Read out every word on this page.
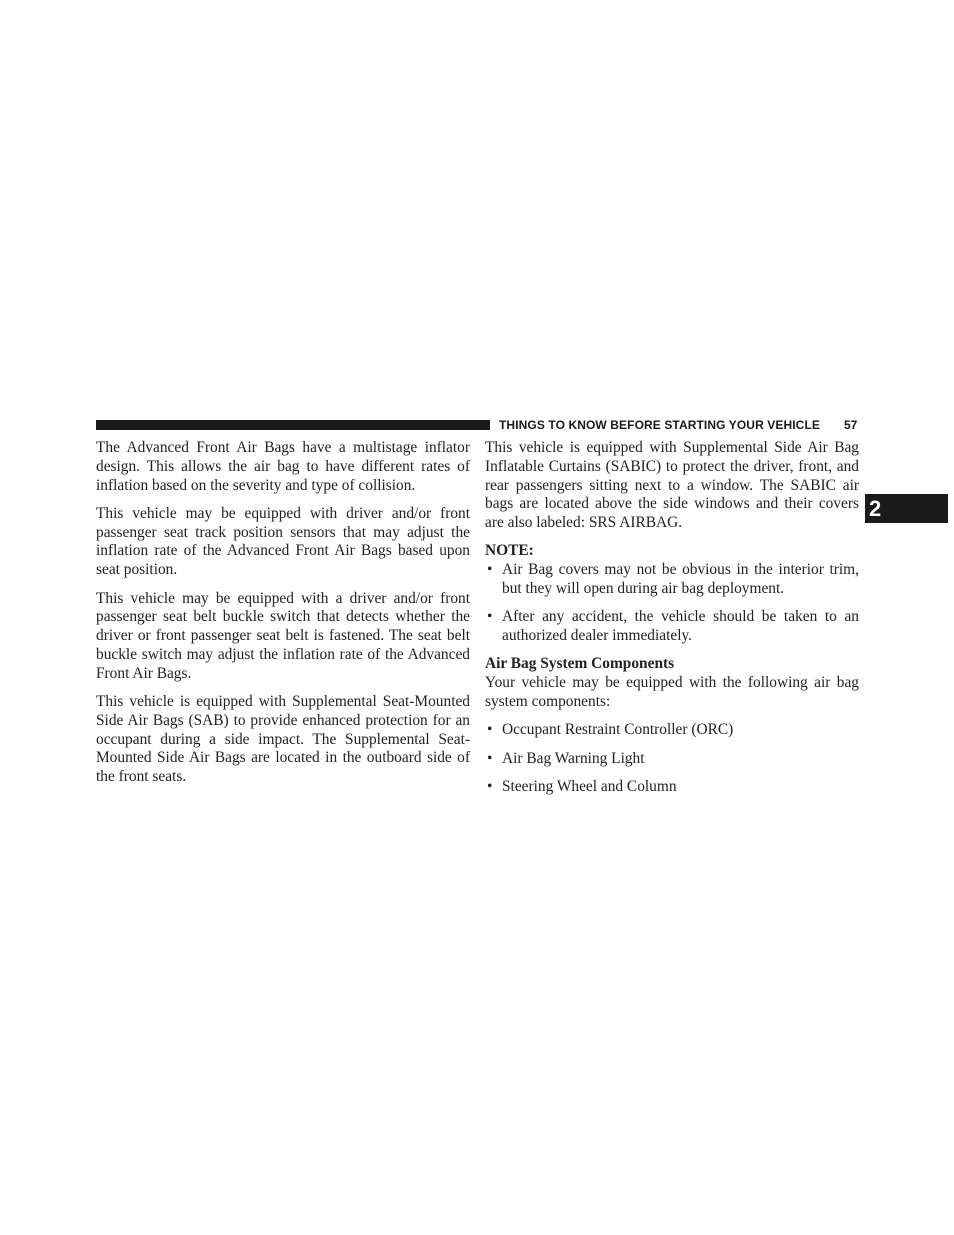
THINGS TO KNOW BEFORE STARTING YOUR VEHICLE 57
2

The Advanced Front Air Bags have a multistage inflator design. This allows the air bag to have different rates of inflation based on the severity and type of collision.

This vehicle may be equipped with driver and/or front passenger seat track position sensors that may adjust the inflation rate of the Advanced Front Air Bags based upon seat position.

This vehicle may be equipped with a driver and/or front passenger seat belt buckle switch that detects whether the driver or front passenger seat belt is fastened. The seat belt buckle switch may adjust the inflation rate of the Advanced Front Air Bags.

This vehicle is equipped with Supplemental Seat-Mounted Side Air Bags (SAB) to provide enhanced protection for an occupant during a side impact. The Supplemental Seat-Mounted Side Air Bags are located in the outboard side of the front seats.

This vehicle is equipped with Supplemental Side Air Bag Inflatable Curtains (SABIC) to protect the driver, front, and rear passengers sitting next to a window. The SABIC air bags are located above the side windows and their covers are also labeled: SRS AIRBAG.

NOTE:

• Air Bag covers may not be obvious in the interior trim, but they will open during air bag deployment.
• After any accident, the vehicle should be taken to an authorized dealer immediately.

Air Bag System Components

Your vehicle may be equipped with the following air bag system components:

• Occupant Restraint Controller (ORC)
• Air Bag Warning Light
• Steering Wheel and Column
